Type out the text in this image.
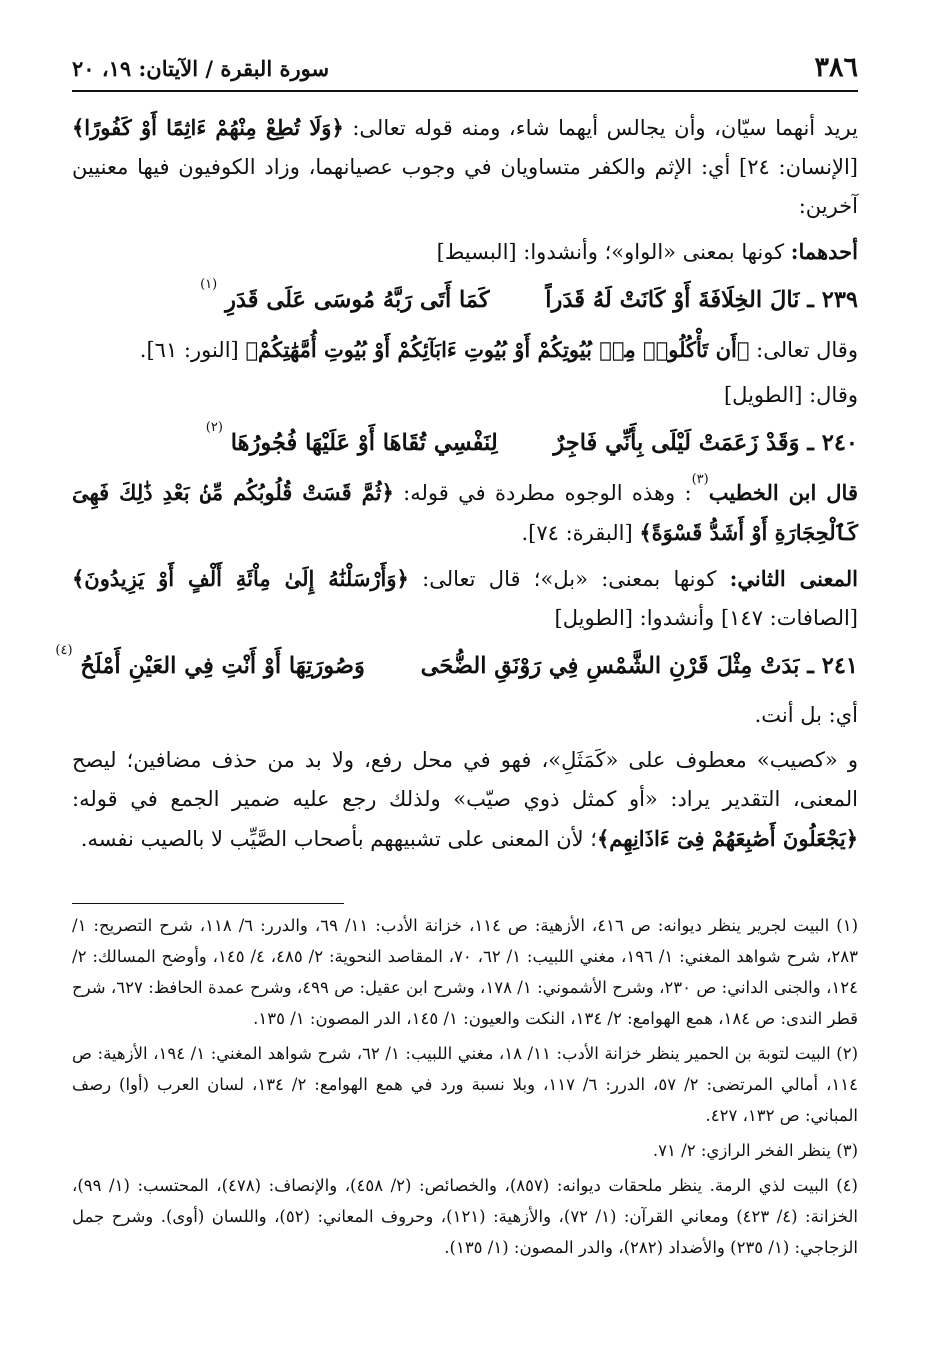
٣٨٦
سورة البقرة / الآيتان: ١٩، ٢٠

يريد أنهما سيّان، وأن يجالس أيهما شاء، ومنه قوله تعالى: ﴿وَلَا تُطِعْ مِنْهُمْ ءَاثِمًا أَوْ كَفُورًا﴾ [الإنسان: ٢٤] أي: الإثم والكفر متساويان في وجوب عصيانهما، وزاد الكوفيون فيها معنيين آخرين:

أحدهما: كونها بمعنى «الواو»؛ وأنشدوا: [البسيط]

٢٣٩ ـ نَالَ الخِلَافَةَ أَوْ كَانَتْ لَهُ قَدَراً  كَمَا أَتَى رَبَّهُ مُوسَى عَلَى قَدَرِ $^{(١)}$

وقال تعالى: ﴿أَن تَأْكُلُوا۟ مِنۢ بُيُوتِكُمْ أَوْ بُيُوتِ ءَابَآئِكُمْ أَوْ بُيُوتِ أُمَّهَٰتِكُمْ﴾ [النور: ٦١].

وقال: [الطويل]

٢٤٠ ـ وَقَدْ زَعَمَتْ لَيْلَى بِأَنِّي فَاجِرٌ  لِنَفْسِي تُقَاهَا أَوْ عَلَيْهَا فُجُورُهَا $^{(٢)}$

قال ابن الخطيب$^{(٣)}$: وهذه الوجوه مطردة في قوله: ﴿ثُمَّ قَسَتْ قُلُوبُكُم مِّنۢ بَعْدِ ذَٰلِكَ فَهِىَ كَٱلْحِجَارَةِ أَوْ أَشَدُّ قَسْوَةً﴾ [البقرة: ٧٤].

المعنى الثاني: كونها بمعنى: «بل»؛ قال تعالى: ﴿وَأَرْسَلْنَٰهُ إِلَىٰ مِاْئَةِ أَلْفٍ أَوْ يَزِيدُونَ﴾ [الصافات: ١٤٧] وأنشدوا: [الطويل]

٢٤١ ـ بَدَتْ مِثْلَ قَرْنِ الشَّمْسِ فِي رَوْنَقِ الضُّحَى  وَصُورَتِهَا أَوْ أَنْتِ فِي العَيْنِ أَمْلَحُ $^{(٤)}$

أي: بل أنت.

و «كصيب» معطوف على «كَمَثَلِ»، فهو في محل رفع، ولا بد من حذف مضافين؛ ليصح المعنى، التقدير يراد: «أو كمثل ذوي صيّب» ولذلك رجع عليه ضمير الجمع في قوله: ﴿يَجْعَلُونَ أَصَٰبِعَهُمْ فِىٓ ءَاذَانِهِم﴾؛ لأن المعنى على تشبيههم بأصحاب الصَّيِّب لا بالصيب نفسه.

(١) البيت لجرير ينظر ديوانه: ص ٤١٦، الأزهية: ص ١١٤، خزانة الأدب: ١١/ ٦٩، والدرر: ٦/ ١١٨، شرح التصريح: ١/ ٢٨٣، شرح شواهد المغني: ١/ ١٩٦، مغني اللبيب: ١/ ٦٢، ٧٠، المقاصد النحوية: ٢/ ٤٨٥، ٤/ ١٤٥، وأوضح المسالك: ٢/ ١٢٤، والجنى الداني: ص ٢٣٠، وشرح الأشموني: ١/ ١٧٨، وشرح ابن عقيل: ص ٤٩٩، وشرح عمدة الحافظ: ٦٢٧، شرح قطر الندى: ص ١٨٤، همع الهوامع: ٢/ ١٣٤، النكت والعيون: ١/ ١٤٥، الدر المصون: ١/ ١٣٥.

(٢) البيت لتوبة بن الحمير ينظر خزانة الأدب: ١١/ ١٨، مغني اللبيب: ١/ ٦٢، شرح شواهد المغني: ١/ ١٩٤، الأزهية: ص ١١٤، أمالي المرتضى: ٢/ ٥٧، الدرر: ٦/ ١١٧، وبلا نسبة ورد في همع الهوامع: ٢/ ١٣٤، لسان العرب (أوا) رصف المباني: ص ١٣٢، ٤٢٧.

(٣) ينظر الفخر الرازي: ٢/ ٧١.

(٤) البيت لذي الرمة. ينظر ملحقات ديوانه: (٨٥٧)، والخصائص: (٢/ ٤٥٨)، والإنصاف: (٤٧٨)، المحتسب: (١/ ٩٩)، الخزانة: (٤/ ٤٢٣) ومعاني القرآن: (١/ ٧٢)، والأزهية: (١٢١)، وحروف المعاني: (٥٢)، واللسان (أوى). وشرح جمل الزجاجي: (١/ ٢٣٥) والأضداد (٢٨٢)، والدر المصون: (١/ ١٣٥).
